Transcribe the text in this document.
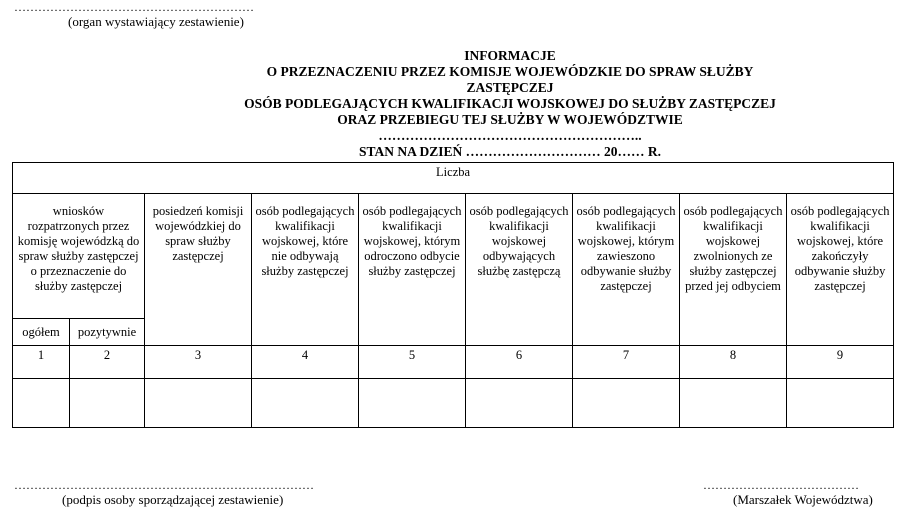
……………………………………………………
(organ wystawiający zestawienie)
INFORMACJE
O PRZEZNACZENIU PRZEZ KOMISJE WOJEWÓDZKIE DO SPRAW SŁUŻBY ZASTĘPCZEJ
OSÓB PODLEGAJĄCYCH KWALIFIKACJI WOJSKOWEJ DO SŁUŻBY ZASTĘPCZEJ
ORAZ PRZEBIEGU TEJ SŁUŻBY W WOJEWÓDZTWIE …………………………………………………..
STAN NA DZIEŃ ………………………… 20…… R.
Liczba								
wniosków rozpatrzonych przez komisję wojewódzką do spraw służby zastępczej o przeznaczenie do służby zastępczej		posiedzeń komisji wojewódzkiej do spraw służby zastępczej	osób podlegających kwalifikacji wojskowej, które nie odbywają służby zastępczej	osób podlegających kwalifikacji wojskowej, którym odroczono odbycie służby zastępczej	osób podlegających kwalifikacji wojskowej odbywających służbę zastępczą	osób podlegających kwalifikacji wojskowej, którym zawieszono odbywanie służby zastępczej	osób podlegających kwalifikacji wojskowej zwolnionych ze służby zastępczej przed jej odbyciem	osób podlegających kwalifikacji wojskowej, które zakończyły odbywanie służby zastępczej
ogółem	pozytywnie							
1	2	3	4	5	6	7	8	9

…………………………………………………………………
(podpis osoby sporządzającej zestawienie)
…………………………………
(Marszałek Województwa)
